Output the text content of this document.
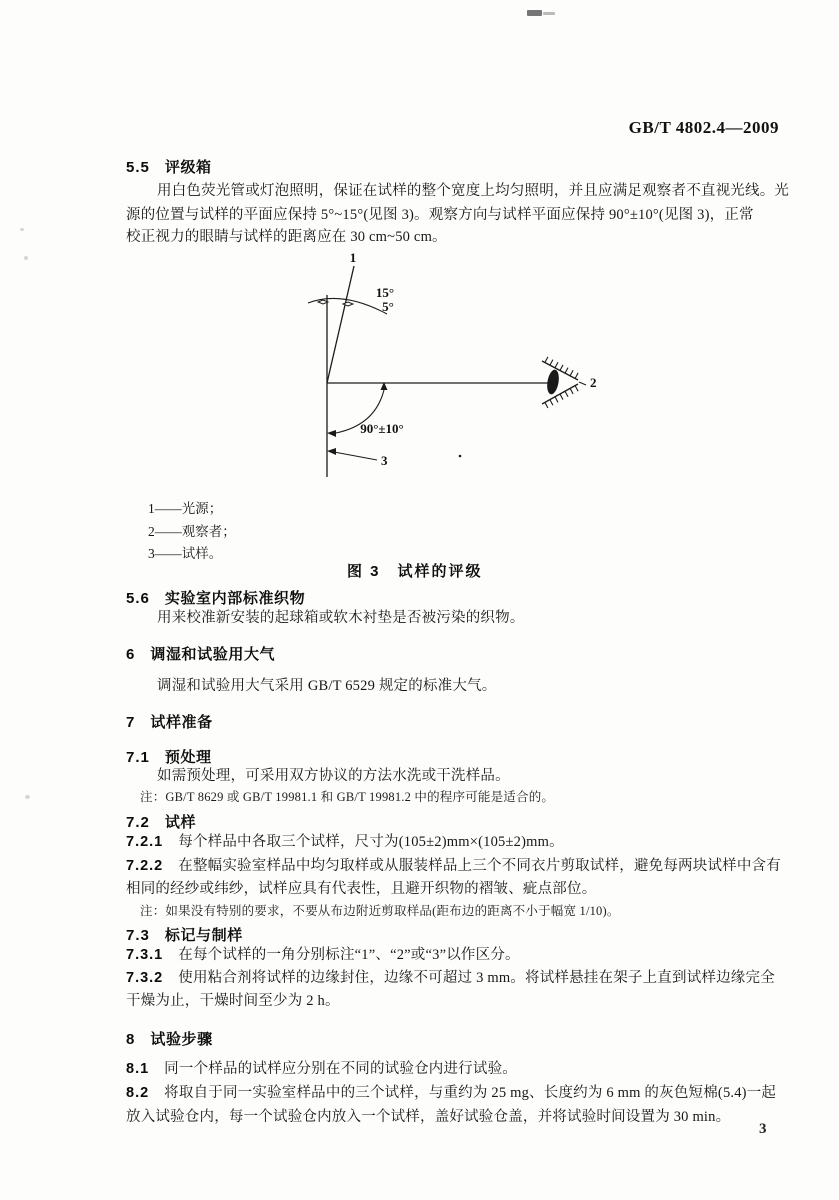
GB/T 4802.4—2009
5.5 评级箱
用白色荧光管或灯泡照明，保证在试样的整个宽度上均匀照明，并且应满足观察者不直视光线。光
源的位置与试样的平面应保持 5°~15°(见图 3)。观察方向与试样平面应保持 90°±10°(见图 3)，正常
校正视力的眼睛与试样的距离应在 30 cm~50 cm。
1
2
3
15°
5°
90°±10°
1——光源；
2——观察者；
3——试样。
图 3　试样的评级
5.6 实验室内部标准织物
用来校准新安装的起球箱或软木衬垫是否被污染的织物。
6 调湿和试验用大气
调湿和试验用大气采用 GB/T 6529 规定的标准大气。
7 试样准备
7.1 预处理
如需预处理，可采用双方协议的方法水洗或干洗样品。
注：GB/T 8629 或 GB/T 19981.1 和 GB/T 19981.2 中的程序可能是适合的。
7.2 试样
7.2.1 每个样品中各取三个试样，尺寸为(105±2)mm×(105±2)mm。
7.2.2 在整幅实验室样品中均匀取样或从服装样品上三个不同衣片剪取试样，避免每两块试样中含有
相同的经纱或纬纱，试样应具有代表性，且避开织物的褶皱、疵点部位。
注：如果没有特别的要求，不要从布边附近剪取样品(距布边的距离不小于幅宽 1/10)。
7.3 标记与制样
7.3.1 在每个试样的一角分别标注“1”、“2”或“3”以作区分。
7.3.2 使用粘合剂将试样的边缘封住，边缘不可超过 3 mm。将试样悬挂在架子上直到试样边缘完全
干燥为止，干燥时间至少为 2 h。
8 试验步骤
8.1 同一个样品的试样应分别在不同的试验仓内进行试验。
8.2 将取自于同一实验室样品中的三个试样，与重约为 25 mg、长度约为 6 mm 的灰色短棉(5.4)一起
放入试验仓内，每一个试验仓内放入一个试样，盖好试验仓盖，并将试验时间设置为 30 min。
3
